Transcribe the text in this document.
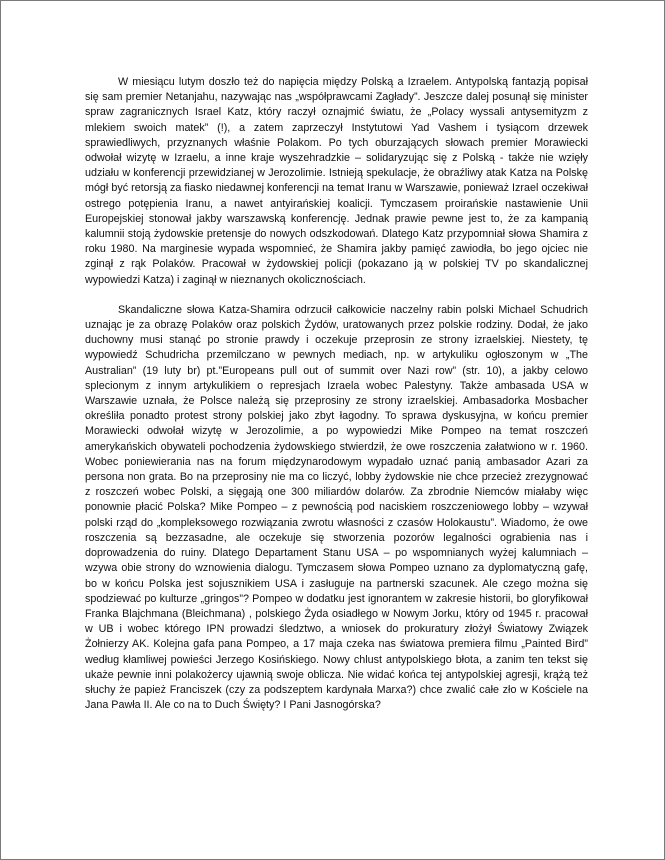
W miesiącu lutym doszło też do napięcia między Polską a Izraelem. Antypolską fantazją popisał się sam premier Netanjahu, nazywając nas „współprawcami Zagłady”. Jeszcze dalej posunął się minister spraw zagranicznych Israel Katz, który raczył oznajmić światu, że „Polacy wyssali antysemityzm z mlekiem swoich matek” (!), a zatem zaprzeczył Instytutowi Yad Vashem i tysiącom drzewek sprawiedliwych, przyznanych właśnie Polakom. Po tych oburzających słowach premier Morawiecki odwołał wizytę w Izraelu, a inne kraje wyszehradzkie – solidaryzując się z Polską - także nie wzięły udziału w konferencji przewidzianej w Jerozolimie. Istnieją spekulacje, że obraźliwy atak Katza na Polskę mógł być retorsją za fiasko niedawnej konferencji na temat Iranu w Warszawie, ponieważ Izrael oczekiwał ostrego potępienia Iranu, a nawet antyirańskiej koalicji. Tymczasem proirańskie nastawienie Unii Europejskiej stonował jakby warszawską konferencję. Jednak prawie pewne jest to, że za kampanią kalumnii stoją żydowskie pretensje do nowych odszkodowań. Dlatego Katz przypomniał słowa Shamira z roku 1980. Na marginesie wypada wspomnieć, że Shamira jakby pamięć zawiodła, bo jego ojciec nie zginął z rąk Polaków. Pracował w żydowskiej policji (pokazano ją w polskiej TV po skandalicznej wypowiedzi Katza) i zaginął w nieznanych okolicznościach.

Skandaliczne słowa Katza-Shamira odrzucił całkowicie naczelny rabin polski Michael Schudrich uznając je za obrazę Polaków oraz polskich Żydów, uratowanych przez polskie rodziny. Dodał, że jako duchowny musi stanąć po stronie prawdy i oczekuje przeprosin ze strony izraelskiej. Niestety, tę wypowiedź Schudricha przemilczano w pewnych mediach, np. w artykuliku ogłoszonym w „The Australian” (19 luty br) pt.”Europeans pull out of summit over Nazi row” (str. 10), a jakby celowo splecionym z innym artykulikiem o represjach Izraela wobec Palestyny. Także ambasada USA w Warszawie uznała, że Polsce należą się przeprosiny ze strony izraelskiej. Ambasadorka Mosbacher określiła ponadto protest strony polskiej jako zbyt łagodny. To sprawa dyskusyjna, w końcu premier Morawiecki odwołał wizytę w Jerozolimie, a po wypowiedzi Mike Pompeo na temat roszczeń amerykańskich obywateli pochodzenia żydowskiego stwierdził, że owe roszczenia załatwiono w r. 1960. Wobec poniewierania nas na forum międzynarodowym wypadało uznać panią ambasador Azari za persona non grata. Bo na przeprosiny nie ma co liczyć, lobby żydowskie nie chce przecież zrezygnować z roszczeń wobec Polski, a sięgają one 300 miliardów dolarów. Za zbrodnie Niemców miałaby więc ponownie płacić Polska? Mike Pompeo – z pewnością pod naciskiem roszczeniowego lobby – wzywał polski rząd do „kompleksowego rozwiązania zwrotu własności z czasów Holokaustu”. Wiadomo, że owe roszczenia są bezzasadne, ale oczekuje się stworzenia pozorów legalności ograbienia nas i doprowadzenia do ruiny. Dlatego Departament Stanu USA – po wspomnianych wyżej kalumniach – wzywa obie strony do wznowienia dialogu. Tymczasem słowa Pompeo uznano za dyplomatyczną gafę, bo w końcu Polska jest sojusznikiem USA i zasługuje na partnerski szacunek. Ale czego można się spodziewać po kulturze „gringos”? Pompeo w dodatku jest ignorantem w zakresie historii, bo gloryfikował Franka Blajchmana (Bleichmana) , polskiego Żyda osiadłego w Nowym Jorku, który od 1945 r. pracował w UB i wobec którego IPN prowadzi śledztwo, a wniosek do prokuratury złożył Światowy Związek Żołnierzy AK. Kolejna gafa pana Pompeo, a 17 maja czeka nas światowa premiera filmu „Painted Bird” według kłamliwej powieści Jerzego Kosińskiego. Nowy chlust antypolskiego błota, a zanim ten tekst się ukaże pewnie inni polakożercy ujawnią swoje oblicza. Nie widać końca tej antypolskiej agresji, krążą też słuchy że papież Franciszek (czy za podszeptem kardynała Marxa?) chce zwalić całe zło w Kościele na Jana Pawła II. Ale co na to Duch Święty? I Pani Jasnogórska?
